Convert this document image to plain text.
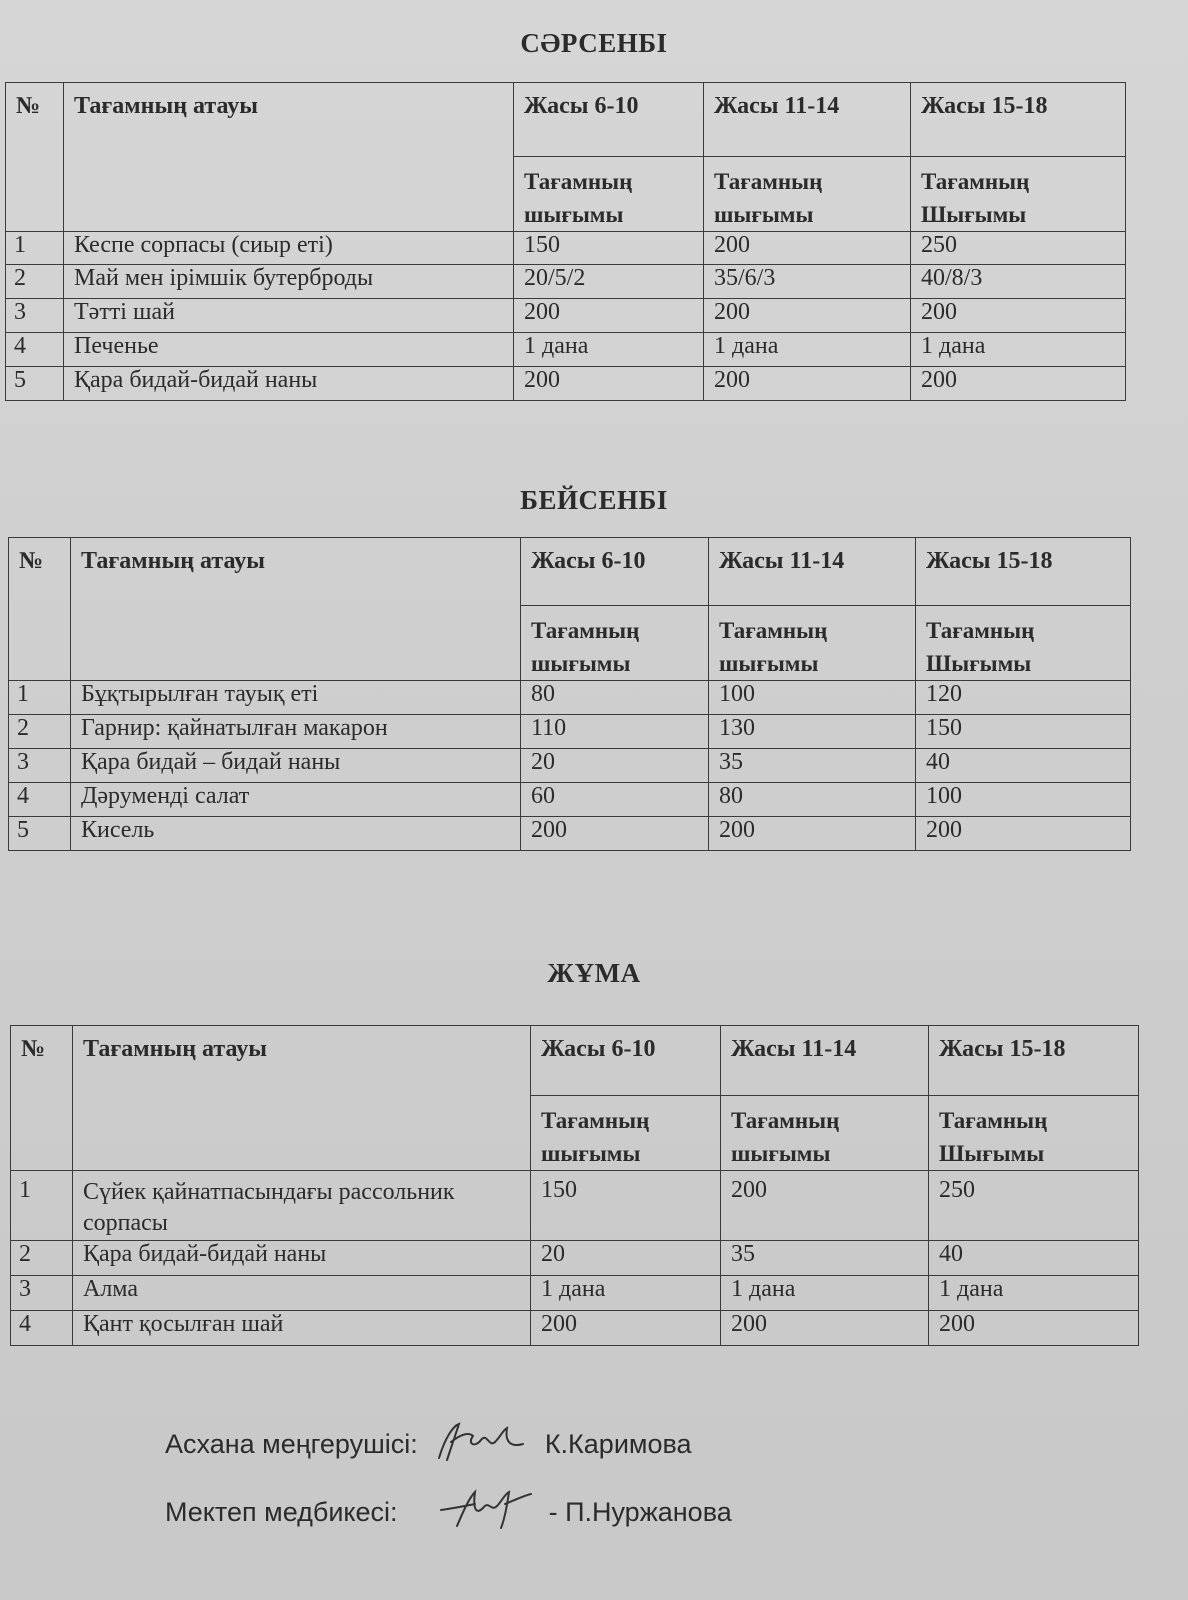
СӘРСЕНБІ
№	Тағамның атауы	Жасы 6-10	Жасы 11-14	Жасы 15-18
		Тағамның шығымы	Тағамның шығымы	Тағамның Шығымы
1	Кеспе сорпасы (сиыр еті)	150	200	250
2	Май мен ірімшік бутерброды	20/5/2	35/6/3	40/8/3
3	Тәтті шай	200	200	200
4	Печенье	1 дана	1 дана	1 дана
5	Қара бидай-бидай наны	200	200	200
БЕЙСЕНБІ
№	Тағамның атауы	Жасы 6-10	Жасы 11-14	Жасы 15-18
		Тағамның шығымы	Тағамның шығымы	Тағамның Шығымы
1	Бұқтырылған тауық еті	80	100	120
2	Гарнир: қайнатылған макарон	110	130	150
3	Қара бидай – бидай наны	20	35	40
4	Дәруменді салат	60	80	100
5	Кисель	200	200	200
ЖҰМА
№	Тағамның атауы	Жасы 6-10	Жасы 11-14	Жасы 15-18
		Тағамның шығымы	Тағамның шығымы	Тағамның Шығымы
1	Сүйек қайнатпасындағы рассольник сорпасы	150	200	250
2	Қара бидай-бидай наны	20	35	40
3	Алма	1 дана	1 дана	1 дана
4	Қант қосылған шай	200	200	200
Асхана меңгерушісі:	К.Каримова
Мектеп медбикесі:	- П.Нуржанова
